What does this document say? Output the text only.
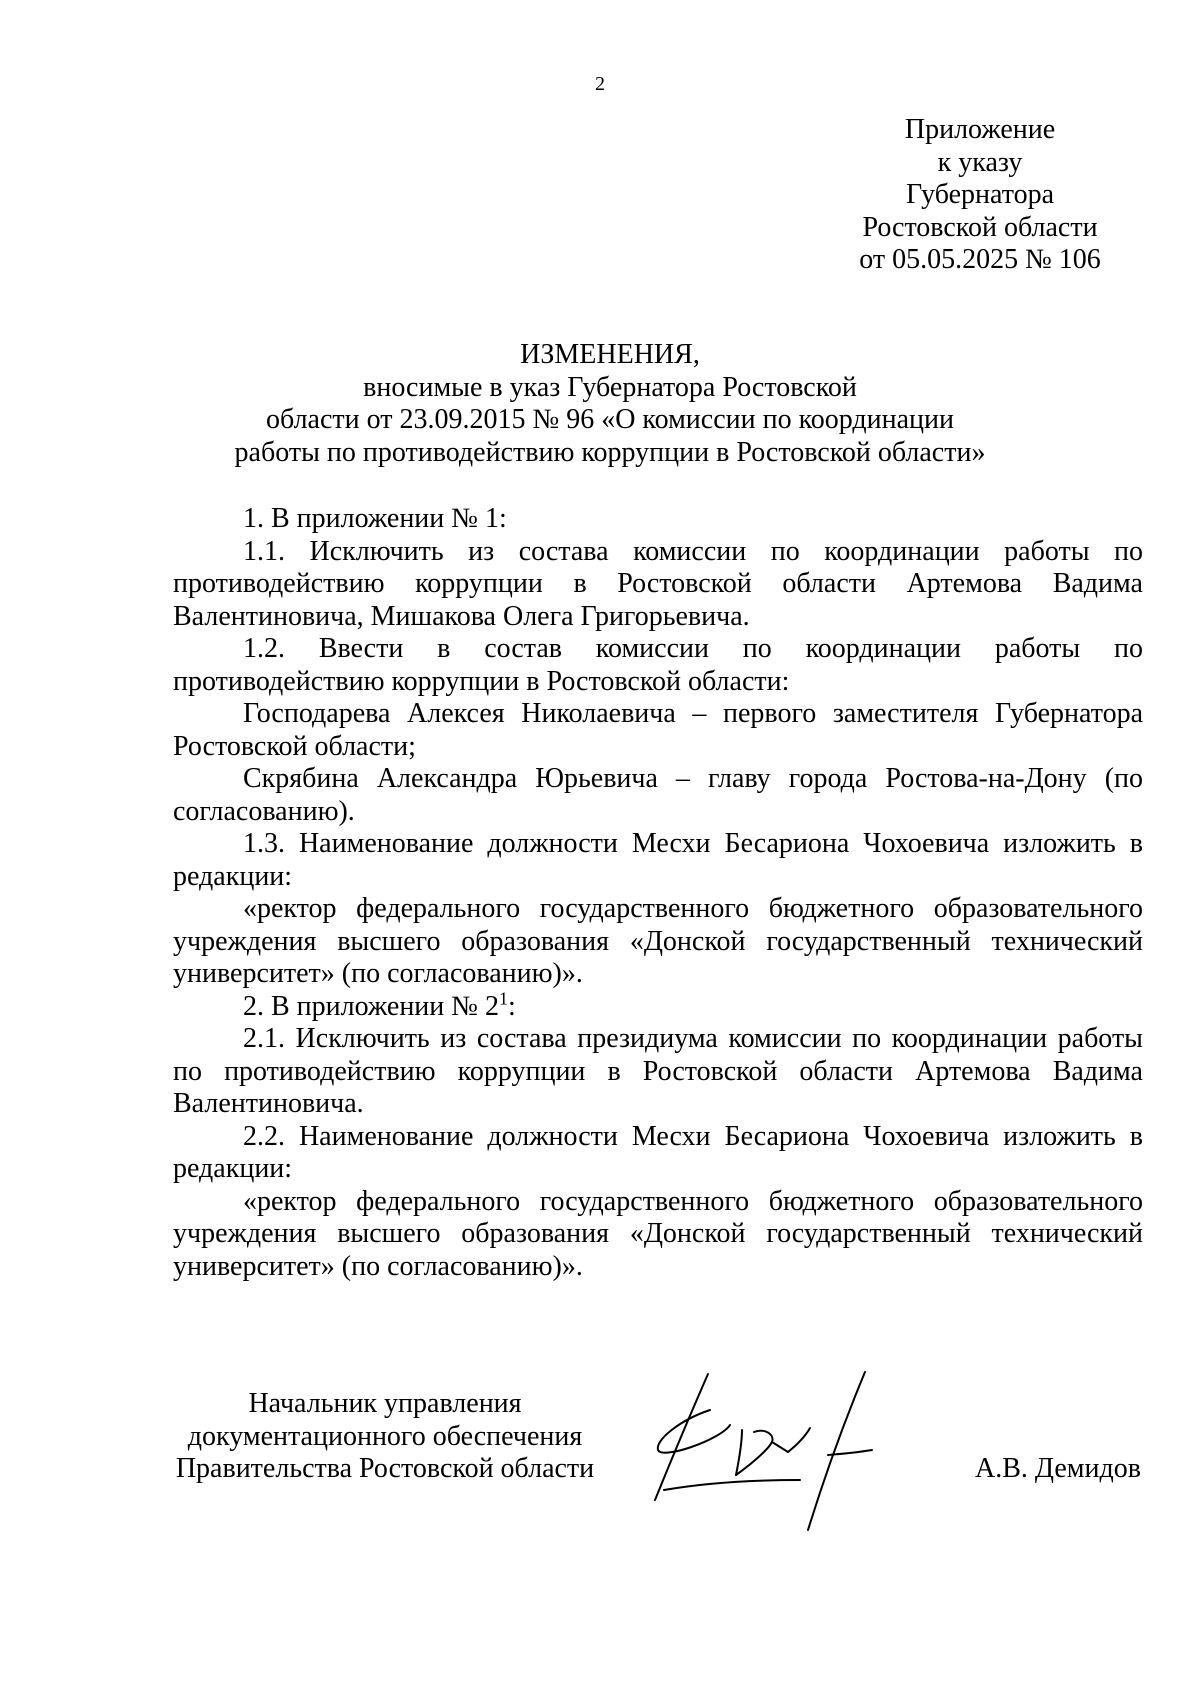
2
Приложение
к указу
Губернатора
Ростовской области
от 05.05.2025 № 106
ИЗМЕНЕНИЯ,
вносимые в указ Губернатора Ростовской
области от 23.09.2015 № 96 «О комиссии по координации
работы по противодействию коррупции в Ростовской области»

1. В приложении № 1:

1.1. Исключить из состава комиссии по координации работы по противодействию коррупции в Ростовской области Артемова Вадима Валентиновича, Мишакова Олега Григорьевича.

1.2. Ввести в состав комиссии по координации работы по противодействию коррупции в Ростовской области:

Господарева Алексея Николаевича – первого заместителя Губернатора Ростовской области;

Скрябина Александра Юрьевича – главу города Ростова-на-Дону (по согласованию).

1.3. Наименование должности Месхи Бесариона Чохоевича изложить в редакции:

«ректор федерального государственного бюджетного образовательного учреждения высшего образования «Донской государственный технический университет» (по согласованию)».

2. В приложении № $2^1$:

2.1. Исключить из состава президиума комиссии по координации работы по противодействию коррупции в Ростовской области Артемова Вадима Валентиновича.

2.2. Наименование должности Месхи Бесариона Чохоевича изложить в редакции:

«ректор федерального государственного бюджетного образовательного учреждения высшего образования «Донской государственный технический университет» (по согласованию)».

Начальник управления
документационного обеспечения
Правительства Ростовской области	А.В. Демидов
